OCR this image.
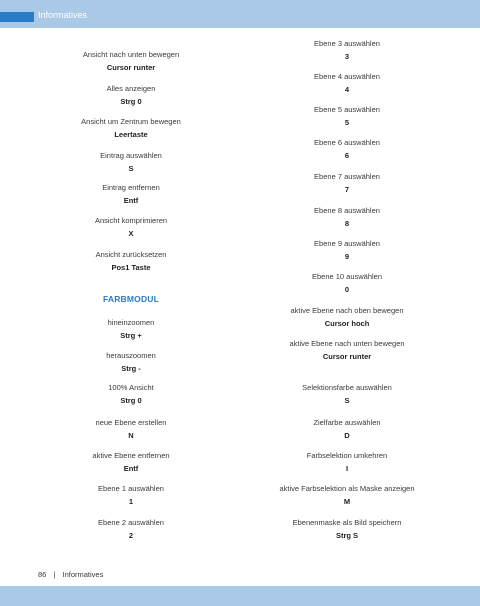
Informatives
Ansicht nach unten bewegen
Cursor runter
Alles anzeigen
Strg 0
Ansicht um Zentrum bewegen
Leertaste
Eintrag auswählen
S
Eintrag entfernen
Entf
Ansicht komprimieren
X
Ansicht zurücksetzen
Pos1 Taste
FARBMODUL
hineinzoomen
Strg +
herauszoomen
Strg -
100% Ansicht
Strg 0
neue Ebene erstellen
N
aktive Ebene entfernen
Entf
Ebene 1 auswählen
1
Ebene 2 auswählen
2
Ebene 3 auswählen
3
Ebene 4 auswählen
4
Ebene 5 auswählen
5
Ebene 6 auswählen
6
Ebene 7 auswählen
7
Ebene 8 auswählen
8
Ebene 9 auswählen
9
Ebene 10 auswählen
0
aktive Ebene nach oben bewegen
Cursor hoch
aktive Ebene nach unten bewegen
Cursor runter
Selektionsfarbe auswählen
S
Zielfarbe auswählen
D
Farbselektion umkehren
I
aktive Farbselektion als Maske anzeigen
M
Ebenenmaske als Bild speichern
Strg S
86 | Informatives
